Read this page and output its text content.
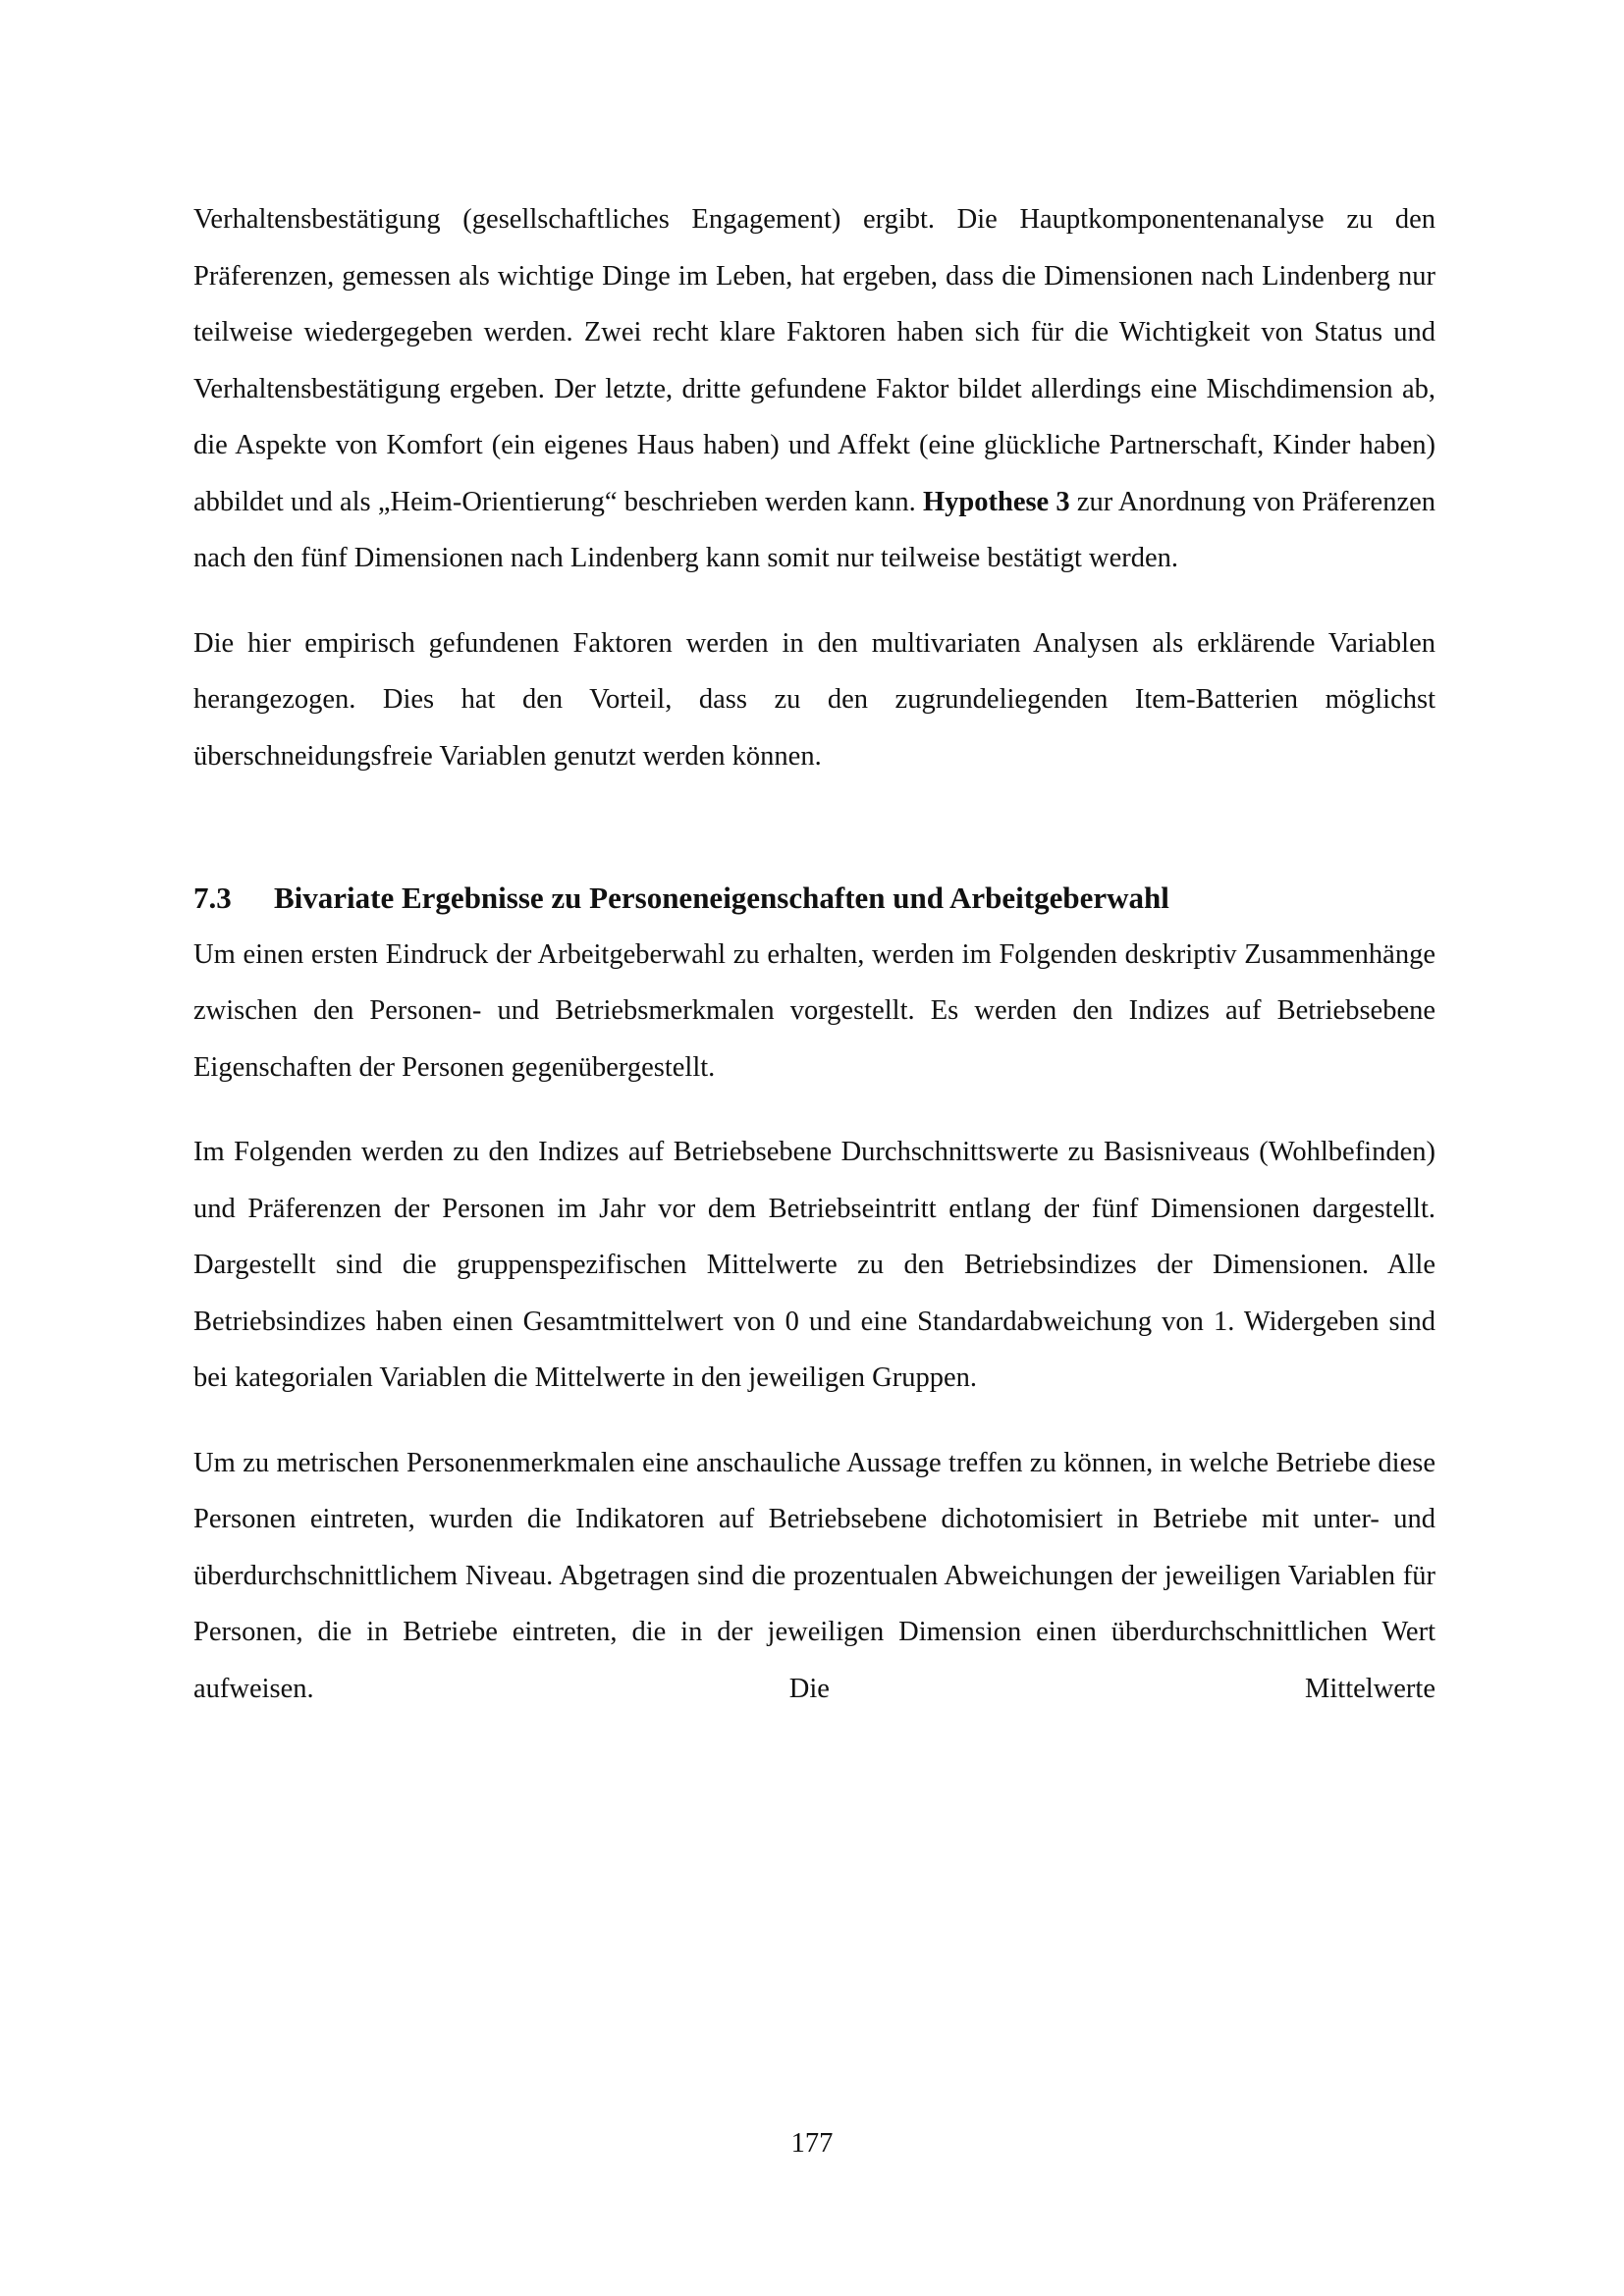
Verhaltensbestätigung (gesellschaftliches Engagement) ergibt. Die Hauptkomponentenanalyse zu den Präferenzen, gemessen als wichtige Dinge im Leben, hat ergeben, dass die Dimensionen nach Lindenberg nur teilweise wiedergegeben werden. Zwei recht klare Faktoren haben sich für die Wichtigkeit von Status und Verhaltensbestätigung ergeben. Der letzte, dritte gefundene Faktor bildet allerdings eine Mischdimension ab, die Aspekte von Komfort (ein eigenes Haus haben) und Affekt (eine glückliche Partnerschaft, Kinder haben) abbildet und als „Heim-Orientierung“ beschrieben werden kann. Hypothese 3 zur Anordnung von Präferenzen nach den fünf Dimensionen nach Lindenberg kann somit nur teilweise bestätigt werden.

Die hier empirisch gefundenen Faktoren werden in den multivariaten Analysen als erklärende Variablen herangezogen. Dies hat den Vorteil, dass zu den zugrundeliegenden Item-Batterien möglichst überschneidungsfreie Variablen genutzt werden können.

7.3	Bivariate Ergebnisse zu Personeneigenschaften und Arbeitgeberwahl

Um einen ersten Eindruck der Arbeitgeberwahl zu erhalten, werden im Folgenden deskriptiv Zusammenhänge zwischen den Personen- und Betriebsmerkmalen vorgestellt. Es werden den Indizes auf Betriebsebene Eigenschaften der Personen gegenübergestellt.

Im Folgenden werden zu den Indizes auf Betriebsebene Durchschnittswerte zu Basisniveaus (Wohlbefinden) und Präferenzen der Personen im Jahr vor dem Betriebseintritt entlang der fünf Dimensionen dargestellt. Dargestellt sind die gruppenspezifischen Mittelwerte zu den Betriebsindizes der Dimensionen. Alle Betriebsindizes haben einen Gesamtmittelwert von 0 und eine Standardabweichung von 1. Widergeben sind bei kategorialen Variablen die Mittelwerte in den jeweiligen Gruppen.

Um zu metrischen Personenmerkmalen eine anschauliche Aussage treffen zu können, in welche Betriebe diese Personen eintreten, wurden die Indikatoren auf Betriebsebene dichotomisiert in Betriebe mit unter- und überdurchschnittlichem Niveau. Abgetragen sind die prozentualen Abweichungen der jeweiligen Variablen für Personen, die in Betriebe eintreten, die in der jeweiligen Dimension einen überdurchschnittlichen Wert aufweisen. Die Mittelwerte

177
